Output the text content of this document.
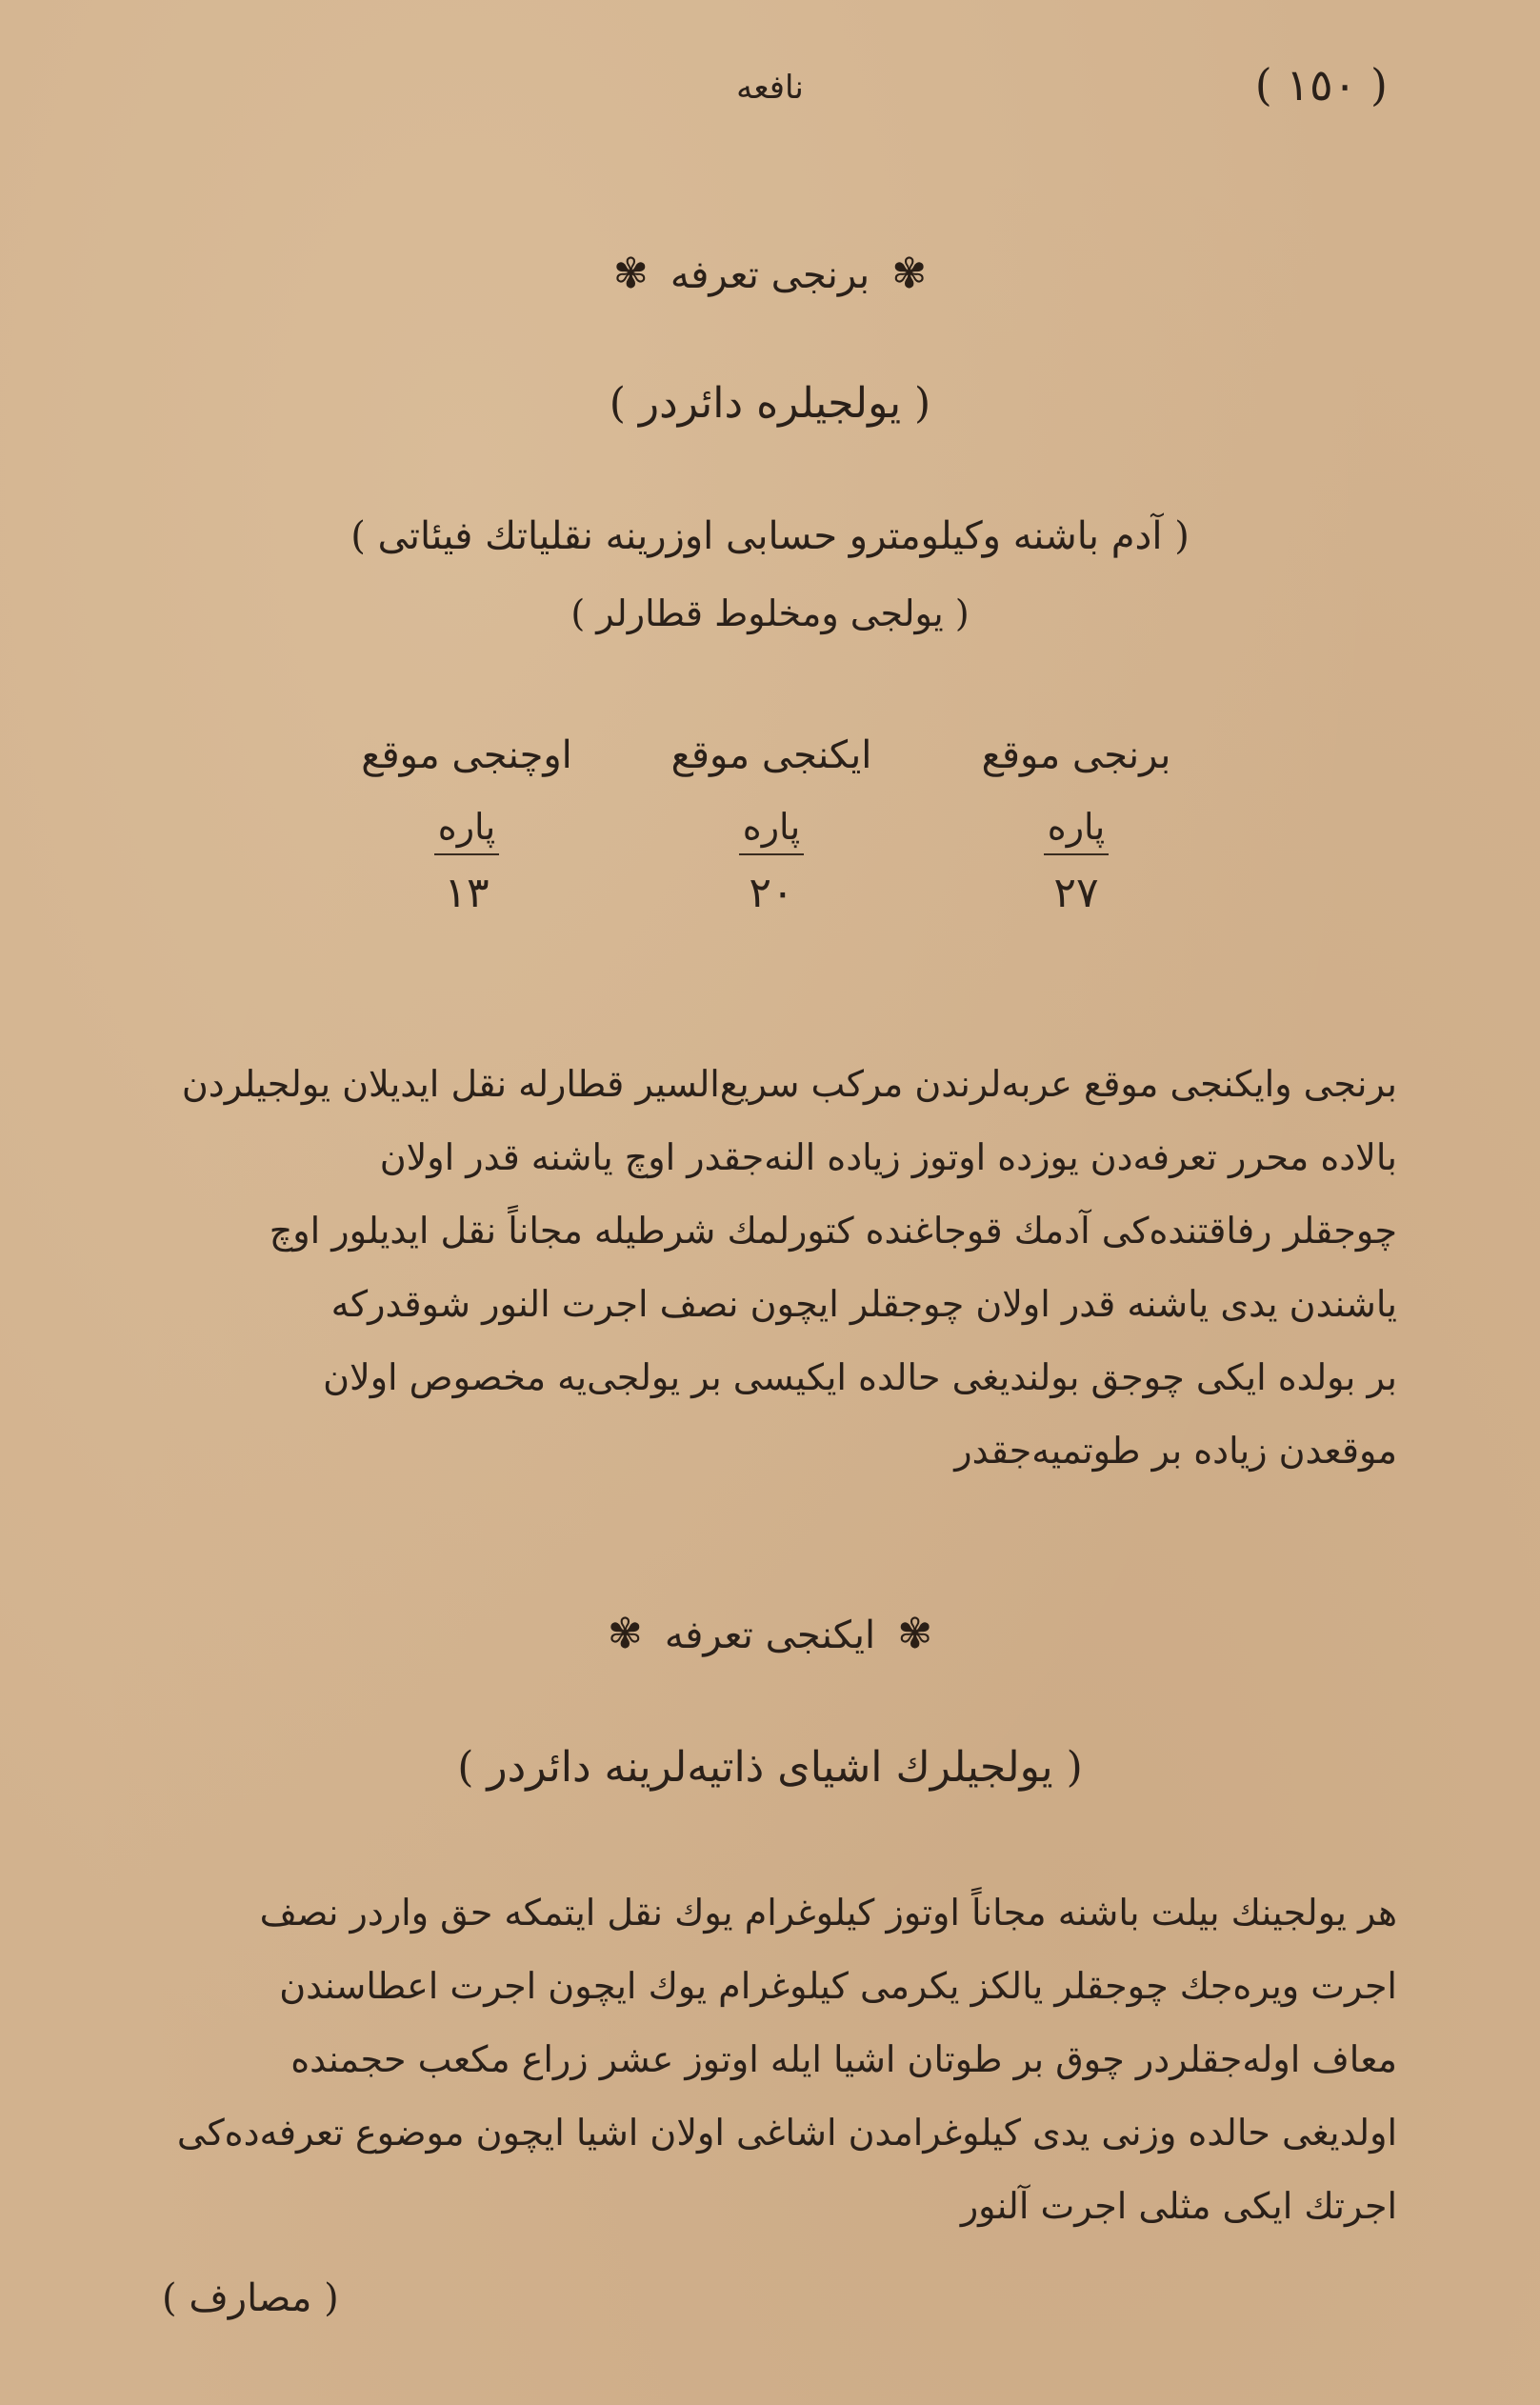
نافعه	( ١٥٠ )
✾ برنجی تعرفه ✾
( یولجیلره دائردر )
( آدم باشنه وکیلومترو حسابی اوزرینه نقلیاتك فیئاتی )
( یولجی ومخلوط قطارلر )
برنجی موقع
پاره
٢٧
ایکنجی موقع
پاره
٢٠
اوچنجی موقع
پاره
١٣
برنجی وایکنجی موقع عربه‌لرندن مرکب سریع‌السیر قطارله نقل ایدیلان یولجیلردن
بالاده محرر تعرفه‌دن یوزده اوتوز زیاده النه‌جقدر اوچ یاشنه قدر اولان
چوجقلر رفاقتنده‌کی آدمك قوجاغنده کتورلمك شرطیله مجاناً نقل ایدیلور اوچ
یاشندن یدی یاشنه قدر اولان چوجقلر ایچون نصف اجرت النور شوقدرکه
بر بولده ایکی چوجق بولندیغی حالده ایکیسی بر یولجی‌یه مخصوص اولان
موقعدن زیاده بر طوتمیه‌جقدر
✾ ایکنجی تعرفه ✾
( یولجیلرك اشیای ذاتیه‌لرینه دائردر )
هر یولجینك بیلت باشنه مجاناً اوتوز کیلوغرام یوك نقل ایتمکه حق واردر نصف
اجرت ویره‌جك چوجقلر یالکز یکرمی کیلوغرام یوك ایچون اجرت اعطاسندن
معاف اوله‌جقلردر چوق بر طوتان اشیا ایله اوتوز عشر زراع مکعب حجمنده
اولدیغی حالده وزنی یدی کیلوغرامدن اشاغی اولان اشیا ایچون موضوع تعرفه‌ده‌کی
اجرتك ایکی مثلی اجرت آلنور
( مصارف )
